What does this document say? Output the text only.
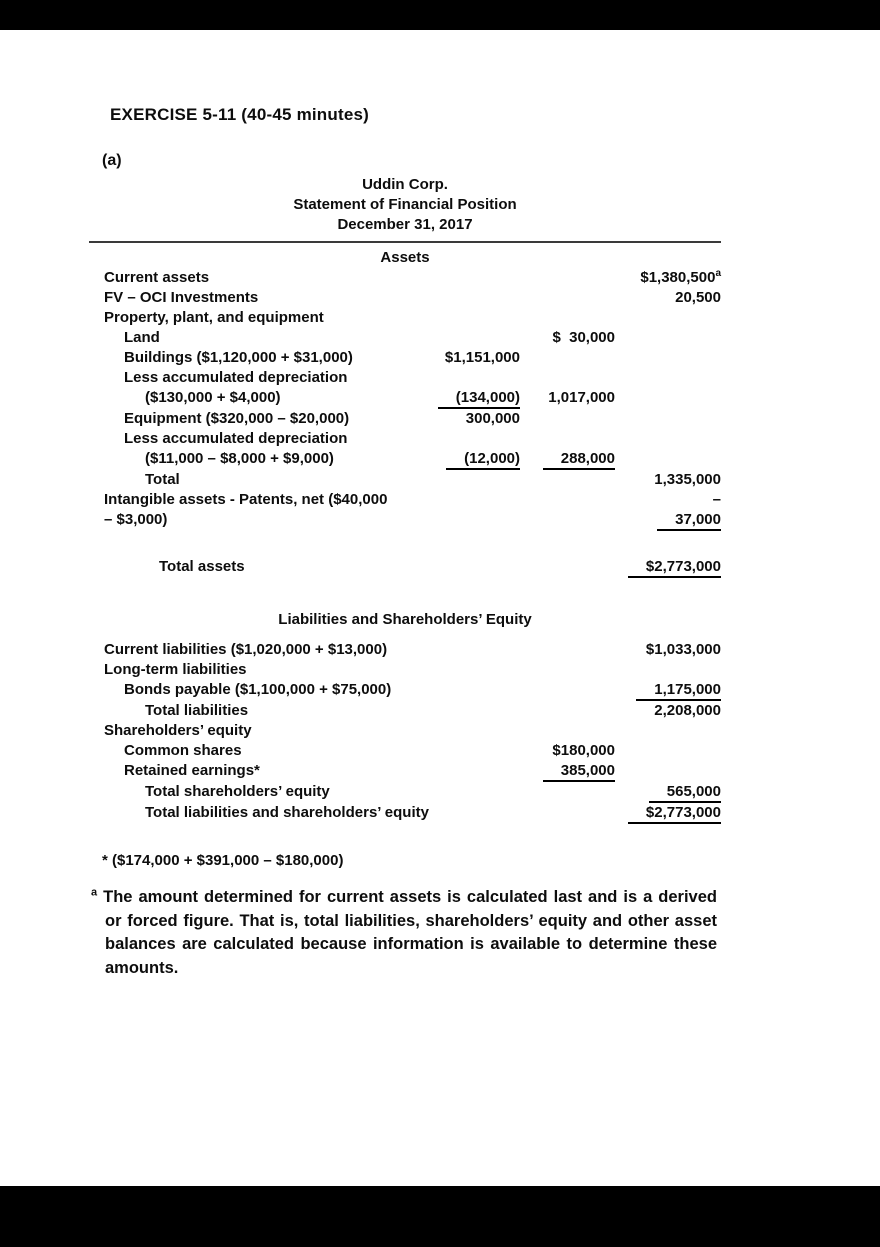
EXERCISE 5-11 (40-45 minutes)
(a)
Uddin Corp.
Statement of Financial Position
December 31, 2017
Assets
Current assets	$1,380,500$^a$
FV – OCI Investments	20,500
Property, plant, and equipment
Land	$  30,000
Buildings ($1,120,000 + $31,000)	$1,151,000
Less accumulated depreciation
($130,000 + $4,000)	(134,000)	1,017,000
Equipment ($320,000 – $20,000)	300,000
Less accumulated depreciation
($11,000 – $8,000 + $9,000)	(12,000)	288,000
Total	1,335,000
Intangible assets - Patents, net ($40,000	–
– $3,000)	37,000
Total assets	$2,773,000
Liabilities and Shareholders’ Equity
Current liabilities ($1,020,000 + $13,000)	$1,033,000
Long-term liabilities
Bonds payable ($1,100,000 + $75,000)	1,175,000
Total liabilities	2,208,000
Shareholders’ equity
Common shares	$180,000
Retained earnings*	385,000
Total shareholders’ equity	565,000
Total liabilities and shareholders’ equity	$2,773,000
* ($174,000 + $391,000 – $180,000)

$^a$ The amount determined for current assets is calculated last and is a derived or forced figure. That is, total liabilities, shareholders’ equity and other asset balances are calculated because information is available to determine these amounts.
